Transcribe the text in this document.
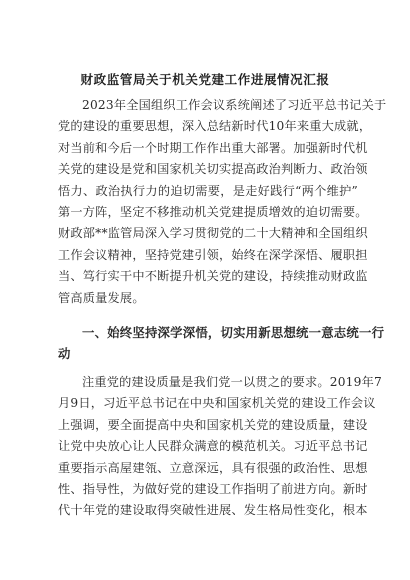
财政监管局关于机关党建工作进展情况汇报
2023年全国组织工作会议系统阐述了习近平总书记关于
党的建设的重要思想，深入总结新时代10年来重大成就，
对当前和今后一个时期工作作出重大部署。加强新时代机
关党的建设是党和国家机关切实提高政治判断力、政治领
悟力、政治执行力的迫切需要，是走好践行“两个维护”
第一方阵，坚定不移推动机关党建提质增效的迫切需要。
财政部**监管局深入学习贯彻党的二十大精神和全国组织
工作会议精神，坚持党建引领，始终在深学深悟、履职担
当、笃行实干中不断提升机关党的建设，持续推动财政监
管高质量发展。
一、始终坚持深学深悟，切实用新思想统一意志统一行
动
注重党的建设质量是我们党一以贯之的要求。2019年7
月9日，习近平总书记在中央和国家机关党的建设工作会议
上强调，要全面提高中央和国家机关党的建设质量，建设
让党中央放心让人民群众满意的模范机关。习近平总书记
重要指示高屋建瓴、立意深远，具有很强的政治性、思想
性、指导性，为做好党的建设工作指明了前进方向。新时
代十年党的建设取得突破性进展、发生格局性变化，根本
